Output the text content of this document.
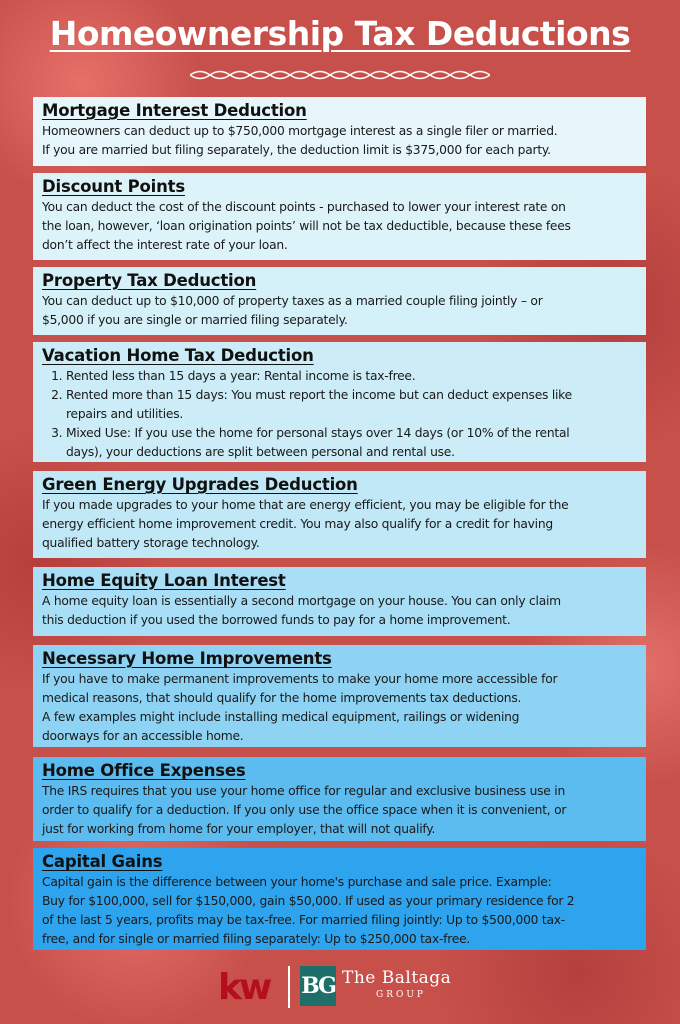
Homeownership Tax Deductions
Mortgage Interest Deduction

Homeowners can deduct up to $750,000 mortgage interest as a single filer or married.

If you are married but filing separately, the deduction limit is $375,000 for each party.

Discount Points

You can deduct the cost of the discount points - purchased to lower your interest rate on

the loan, however, ‘loan origination points’ will not be tax deductible, because these fees

don’t affect the interest rate of your loan.

Property Tax Deduction

You can deduct up to $10,000 of property taxes as a married couple filing jointly – or

$5,000 if you are single or married filing separately.

Vacation Home Tax Deduction
1. Rented less than 15 days a year: Rental income is tax-free.
2. Rented more than 15 days: You must report the income but can deduct expenses like
repairs and utilities.
3. Mixed Use: If you use the home for personal stays over 14 days (or 10% of the rental
days), your deductions are split between personal and rental use.
Green Energy Upgrades Deduction

If you made upgrades to your home that are energy efficient, you may be eligible for the

energy efficient home improvement credit. You may also qualify for a credit for having

qualified battery storage technology.

Home Equity Loan Interest

A home equity loan is essentially a second mortgage on your house. You can only claim

this deduction if you used the borrowed funds to pay for a home improvement.

Necessary Home Improvements

If you have to make permanent improvements to make your home more accessible for

medical reasons, that should qualify for the home improvements tax deductions.

A few examples might include installing medical equipment, railings or widening

doorways for an accessible home.

Home Office Expenses

The IRS requires that you use your home office for regular and exclusive business use in

order to qualify for a deduction. If you only use the office space when it is convenient, or

just for working from home for your employer, that will not qualify.

Capital Gains

Capital gain is the difference between your home's purchase and sale price. Example:

Buy for $100,000, sell for $150,000, gain $50,000. If used as your primary residence for 2

of the last 5 years, profits may be tax-free. For married filing jointly: Up to $500,000 tax-

free, and for single or married filing separately: Up to $250,000 tax-free.

kw BG The Baltaga
GROUP
